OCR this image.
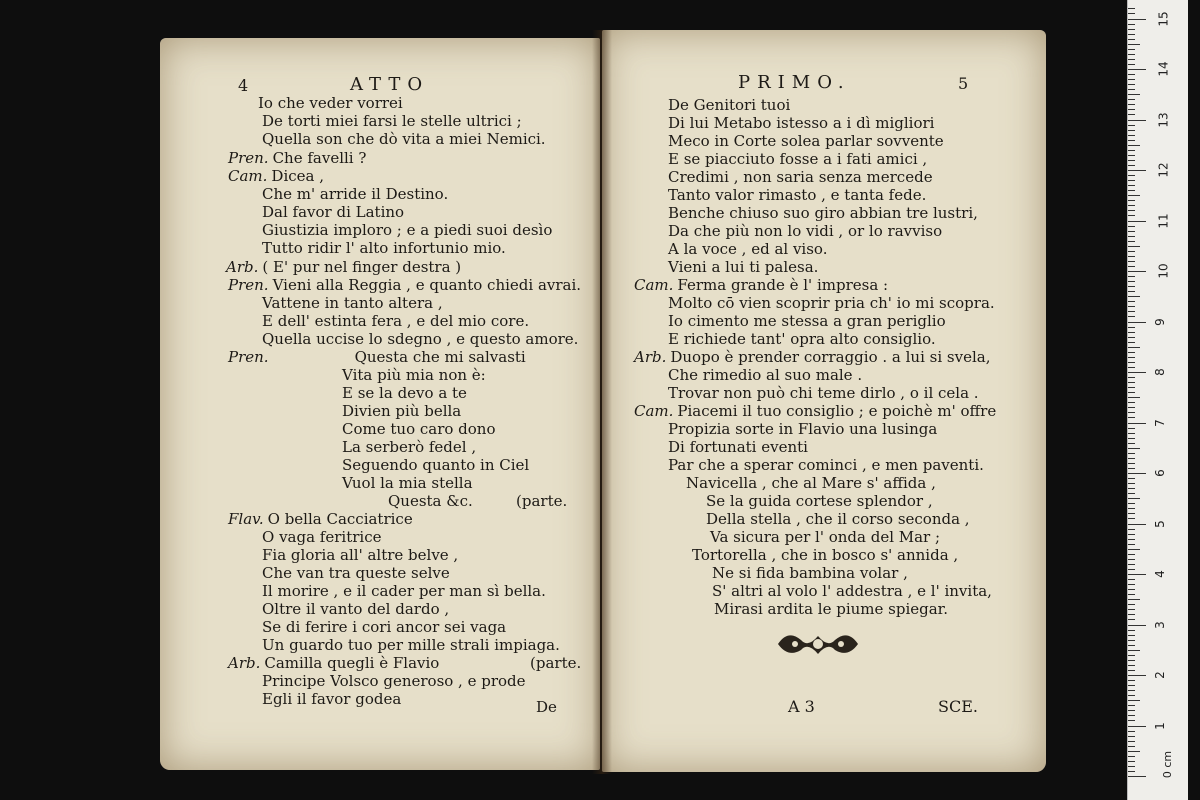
4	ATTO
Io che veder vorrei
De torti miei farsi le stelle ultrici ;
Quella son che dò vita a miei Nemici.
Pren. Che favelli ?
Cam. Dicea ,
Che m' arride il Destino.
Dal favor di Latino
Giustizia imploro ; e a piedi suoi desìo
Tutto ridir l' alto infortunio mio.
Arb. ( E' pur nel finger destra )
Pren. Vieni alla Reggia , e quanto chiedi avrai.
Vattene in tanto altera ,
E dell' estinta fera , e del mio core.
Quella uccise lo sdegno , e questo amore.
Pren.	Questa che mi salvasti
Vita più mia non è:
E se la devo a te
Divien più bella
Come tuo caro dono
La serberò fedel ,
Seguendo quanto in Ciel
Vuol la mia stella
Questa &c.	(parte.
Flav. O bella Cacciatrice
O vaga feritrice
Fia gloria all' altre belve ,
Che van tra queste selve
Il morire , e il cader per man sì bella.
Oltre il vanto del dardo ,
Se di ferire i cori ancor sei vaga
Un guardo tuo per mille strali impiaga.
Arb. Camilla quegli è Flavio	(parte.
Principe Volsco generoso , e prode
Egli il favor godea	De
PRIMO.	5
De Genitori tuoi
Di lui Metabo istesso a i dì migliori
Meco in Corte solea parlar sovvente
E se piacciuto fosse a i fati amici ,
Credimi , non saria senza mercede
Tanto valor rimasto , e tanta fede.
Benche chiuso suo giro abbian tre lustri,
Da che più non lo vidi , or lo ravviso
A la voce , ed al viso.
Vieni a lui ti palesa.
Cam. Ferma grande è l' impresa :
Molto cō vien scoprir pria ch' io mi scopra.
Io cimento me stessa a gran periglio
E richiede tant' opra alto consiglio.
Arb. Duopo è prender corraggio . a lui si svela,
Che rimedio al suo male .
Trovar non può chi teme dirlo , o il cela .
Cam. Piacemi il tuo consiglio ; e poichè m' offre
Propizia sorte in Flavio una lusinga
Di fortunati eventi
Par che a sperar cominci , e men paventi.
Navicella , che al Mare s' affida ,
Se la guida cortese splendor ,
Della stella , che il corso seconda ,
Va sicura per l' onda del Mar ;
Tortorella , che in bosco s' annida ,
Ne si fida bambina volar ,
S' altri al volo l' addestra , e l' invita,
Mirasi ardita le piume spiegar.
A 3	SCE.
1
2
3
4
5
6
7
8
9
10
11
12
13
14
15
0 cm
